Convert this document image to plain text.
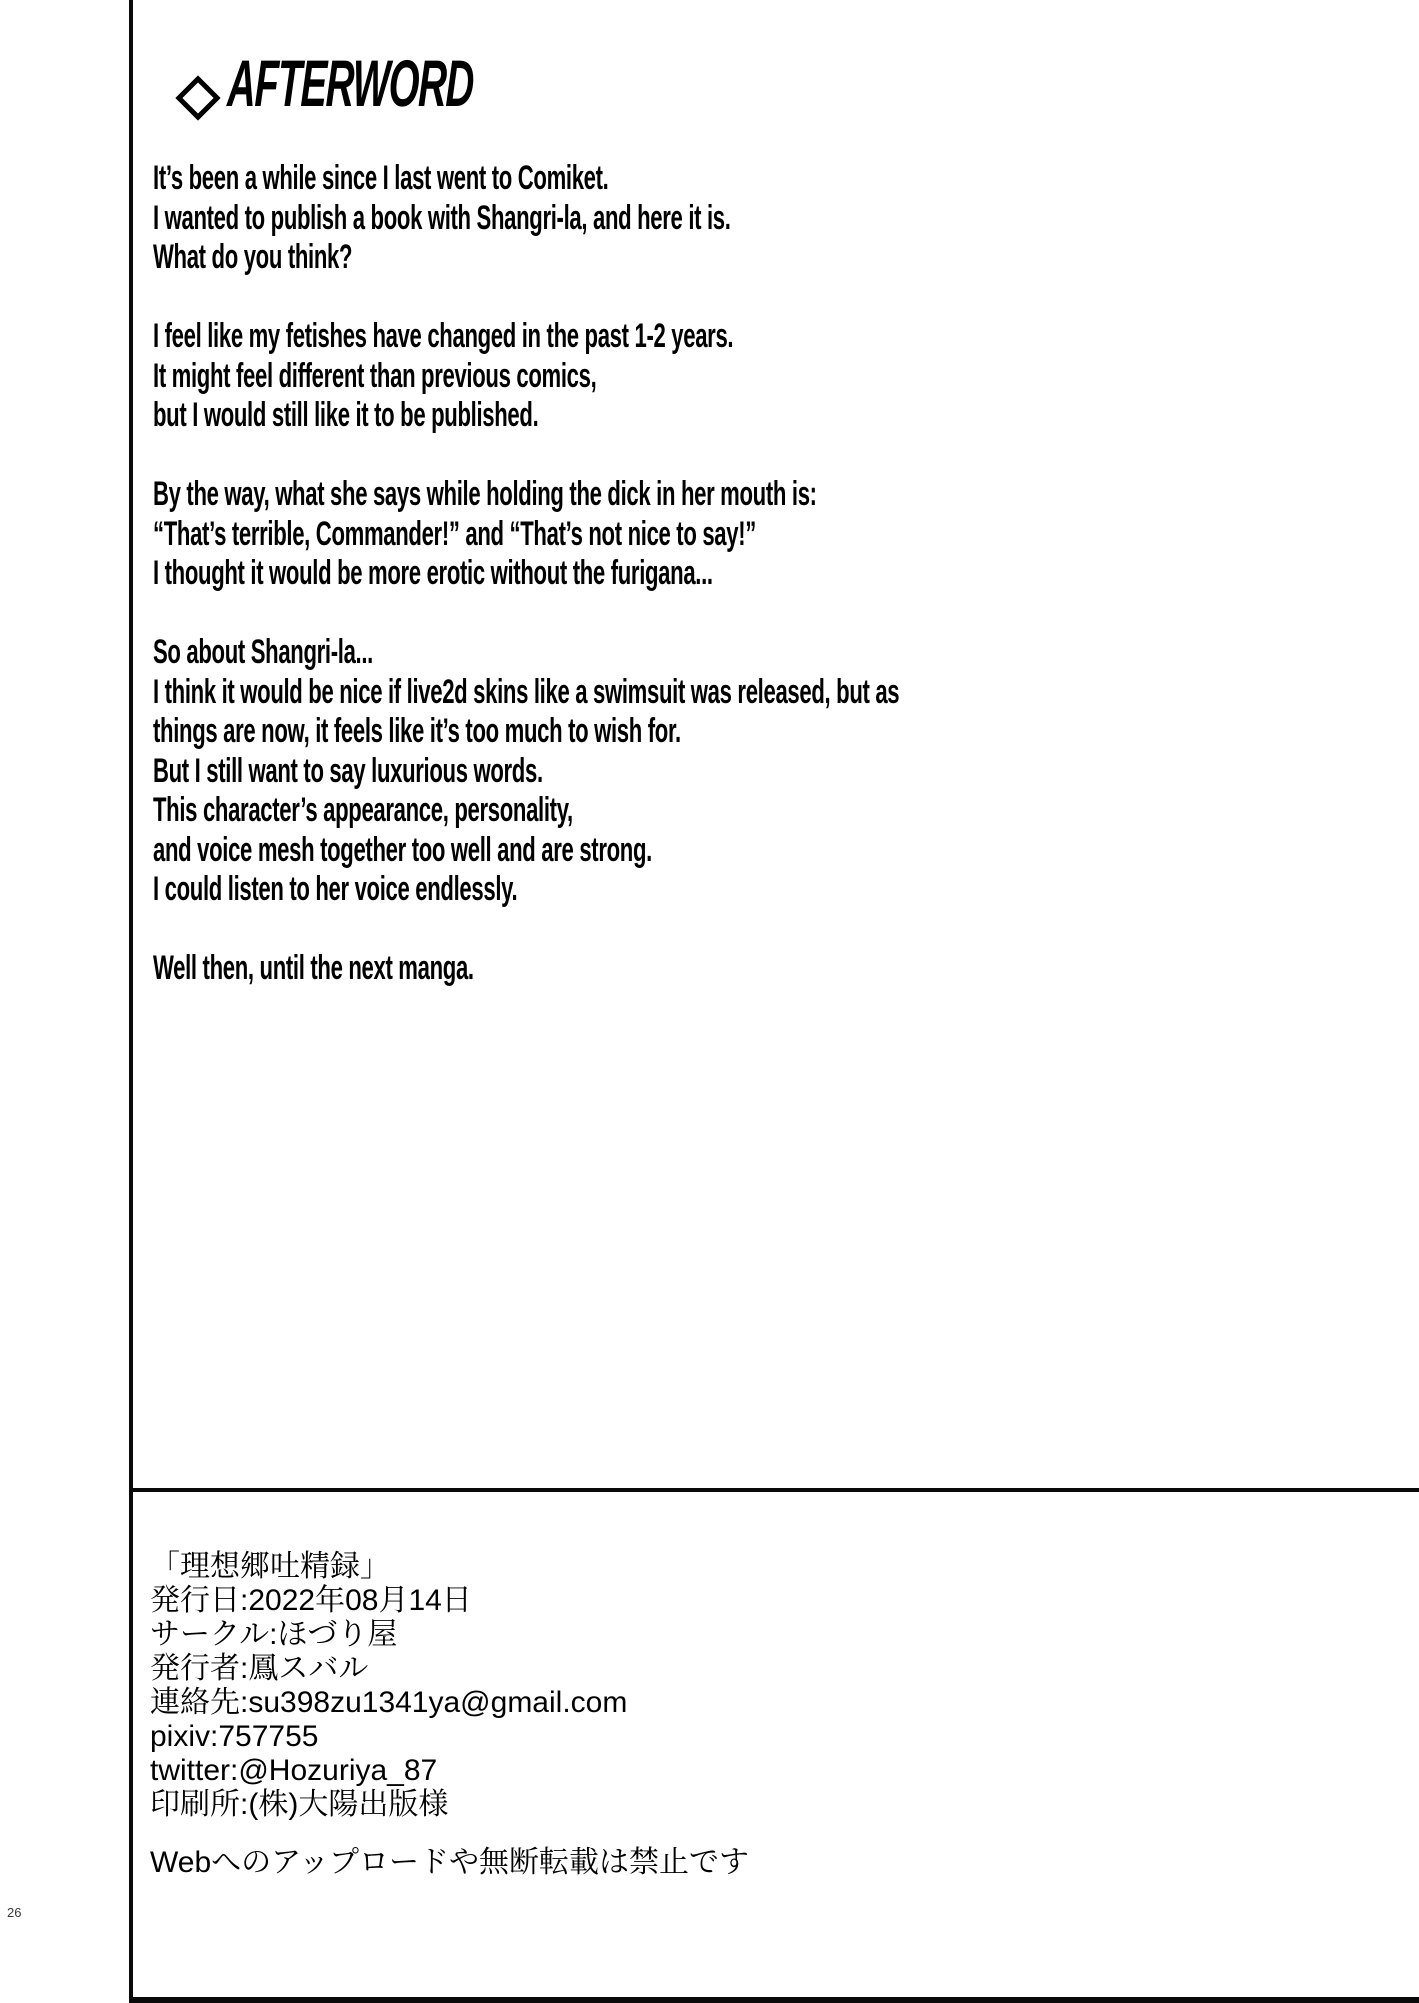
26
AFTERWORD

It’s been a while since I last went to Comiket.
I wanted to publish a book with Shangri-la, and here it is.
What do you think?

I feel like my fetishes have changed in the past 1-2 years.
It might feel different than previous comics,
but I would still like it to be published.

By the way, what she says while holding the dick in her mouth is:
“That’s terrible, Commander!” and “That’s not nice to say!”
I thought it would be more erotic without the furigana...

So about Shangri-la...
I think it would be nice if live2d skins like a swimsuit was released, but as
things are now, it feels like it’s too much to wish for.
But I still want to say luxurious words.
This character’s appearance, personality,
and voice mesh together too well and are strong.
I could listen to her voice endlessly.

Well then, until the next manga.

「理想郷吐精録」
発行日:2022年08月14日
サークル:ほづり屋
発行者:鳳スバル
連絡先:su398zu1341ya@gmail.com
pixiv:757755
twitter:@Hozuriya_87
印刷所:(株)大陽出版様
Webへのアップロードや無断転載は禁止です
